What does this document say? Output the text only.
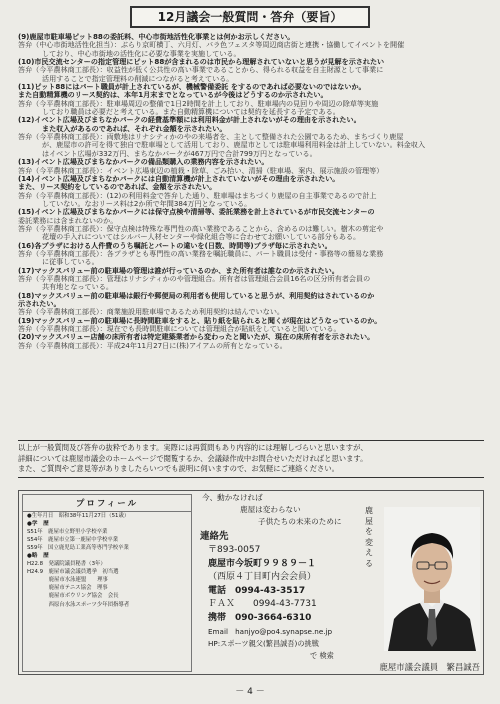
12月議会一般質問・答弁（要旨）
(9)鹿屋市駐車場ピット88の委託料、中心市街地活性化事業とは何かお示しください。
答弁（中心市街地活性化担当）：ぶらり京町横丁、六月灯、バラ色フェスタ等周辺商店街と連携・協働してイベントを開催
しており、中心市街地の活性化に必要な事業を実施している。
(10)市民交流センターの指定管理にピット88が含まれるのは市民から理解されていないと思うが見解を示されたい
答弁（今平農林商工部長）：収益性が低く公共性の高い事業であることから、得られる収益を自主財源として事業に
活用することで指定管理料の削減につながると考えている。
(11)ピット88にはパート職員が計上されているが、機械警備委託 をするのであれば必要ないのではないか。
また自動精算機のリース契約は、本年1月末までとなっているが今後はどうするのか示されたい。
答弁（今平農林商工部長）：駐車場周辺の整備で1日2時間を計上しており、駐車場内の見回りや周辺の除草等実施
しており職員は必要だと考えている。また自動精算機については契約を延長する予定である。
(12)イベント広場及びまちなかパークの経費基準額には利用料金が計上されないがその理由を示されたい。
また収入があるのであれば、それぞれ金額を示されたい。
答弁（今平農林商工部長）：両敷地はリナシティかのやの来場者を、主として整備された公園であるため、まちづくり鹿屋
が、鹿屋市の許可を得て独自で駐車場として活用しており、鹿屋市としては駐車場利用料金は計上していない。料金収入
はイベント広場が332万円、まちなかパークが467万円で合計799万円となっている。
(13)イベント広場及びまちなかパークの備品類購入の業務内容を示されたい。
答弁（今平農林商工部長）：イベント広場東辺の植栽・除草、ごみ拾い、清掃（駐車場、案内、展示施設の管理等）
(14)イベント広場及びまちなかパークには自動清算機が計上されていないがその理由を示されたい。
また、リース契約をしているのであれば、金額を示されたい。
答弁（今平農林商工部長）：(12)の利用料金で答弁した通り、駐車場はまちづくり鹿屋の自主事業であるので計上
していない。なおリース料は2か所で年間384万円となっている。
(15)イベント広場及びまちなかパークには保守点検や清掃等、委託業務を計上されているが市民交流センターの
委託業務には含まれないのか。
答弁（今平農林商工部長）：保守点検は特殊な専門性の高い業務であることから、含めるのは難しい。樹木の剪定や
花壇の手入れについてはシルバー人材センターや緑化組合等に合わせてお願いしている部分もある。
(16)各プラザにおける人件費のうち嘱託とパートの違いを(日数、時間等)プラザ毎に示されたい。
答弁（今平農林商工部長）：各プラザとも専門性の高い業務を嘱託職員に、パート職員は受付・事務等の簡易な業務
に従事している。
(17)マックスバリュー前の駐車場の管理は誰が行っているのか、また所有者は誰なのか示されたい。
答弁（今平農林商工部長）：管理はリナシティかのや管理組合。所有者は管理組合会員16名の区分所有者会員の
共有地となっている。
(18)マックスバリュー前の駐車場は銀行や郵便局の利用者も使用していると思うが、利用契約はされているのか
示されたい。
答弁（今平農林商工部長）：商業施設用駐車場であるため利用契約は結んでいない。
(19)マックスバリュー前の駐車場に長時間駐車をすると、貼り紙を貼られると聞くが現在はどうなっているのか。
答弁（今平農林商工部長）：現在でも長時間駐車については管理組合が貼紙をしていると聞いている。
(20)マックスバリュー店舗の床所有者は特定建築業者から変わったと聞いたが、現在の床所有者を示されたい。
答弁（今平農林商工部長）：平成24年11月27日に(株)アイアムの所有となっている。
以上が一般質問及び答弁の抜粋であります。実際には再質問もあり内容的には理解しづらいと思いますが、
詳細については鹿屋市議会のホームページで閲覧するか、会議録作成中お問合せいただければと思います。
また、ご質問やご意見等がありましたらいつでも説明に伺いますので、お気軽にご連絡ください。
プロフィール
●生年月日　昭和38年11月27日（51歳）
●学　歴
S51年　鹿屋市立野里小学校卒業
S54年　鹿屋市立第一鹿屋中学校卒業
S59年　国立鹿児島工業高等専門学校卒業
●略　歴
H22.8　発議院議員秘書（3年）
H24.9　鹿屋市議会議員選挙　初当選
　　　　鹿屋市水泳連盟　　理事
　　　　鹿屋市テニス協会　理事
　　　　鹿屋市ボウリング協会　会長
　　　　西原台水泳スポーツ少年団指導者
今、動かなければ
鹿屋は変わらない
子供たちの未来のために
鹿
屋
を
変
え
る
連絡先
〒893-0057
鹿屋市今坂町９９８９－１
（西原４丁目町内会会員）
電話　0994-43-3517
ＦＡＸ　　0994-43-7731
携帯　090-3664-6310
Email　hanjyo@po4.synapse.ne.jp
HP:スポーツ親父(繁昌誠吾)の挑戦
で 検索
鹿屋市議会議員　繁昌誠吾
－ 4 －
